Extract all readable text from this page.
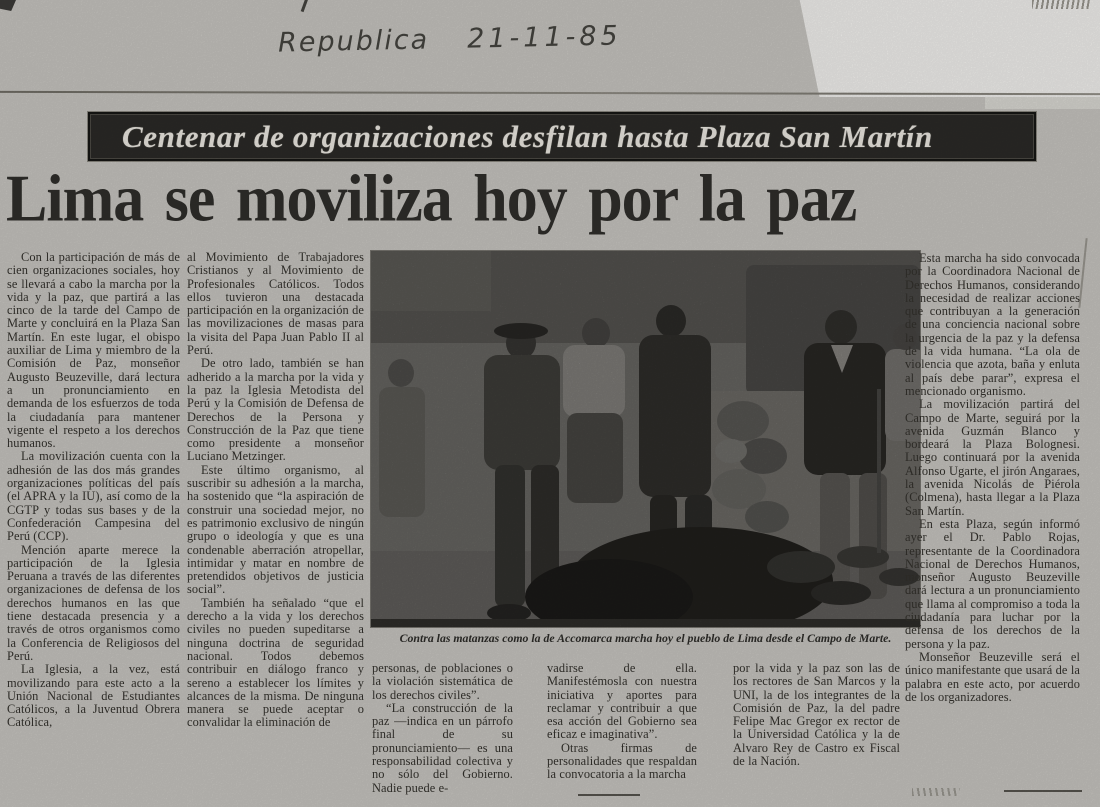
Republica 21-11-85
Centenar de organizaciones desfilan hasta Plaza San Martín
Lima se moviliza hoy por la paz

Con la participación de más de cien organizaciones sociales, hoy se llevará a cabo la marcha por la vida y la paz, que partirá a las cinco de la tarde del Campo de Marte y concluirá en la Plaza San Martín. En este lugar, el obispo auxiliar de Lima y miembro de la Comisión de Paz, monseñor Augusto Beuzeville, dará lectura a un pronunciamiento en demanda de los esfuerzos de toda la ciudadanía para mantener vigente el respeto a los derechos humanos.

La movilización cuenta con la adhesión de las dos más grandes organizaciones políticas del país (el APRA y la IU), así como de la CGTP y todas sus bases y de la Confederación Campesina del Perú (CCP).

Mención aparte merece la participación de la Iglesia Peruana a través de las diferentes organizaciones de defensa de los derechos humanos en las que tiene destacada presencia y a través de otros organismos como la Conferencia de Religiosos del Perú.

La Iglesia, a la vez, está movilizando para este acto a la Unión Nacional de Estudiantes Católicos, a la Juventud Obrera Católica,

al Movimiento de Trabajadores Cristianos y al Movimiento de Profesionales Católicos. Todos ellos tuvieron una destacada participación en la organización de las movilizaciones de masas para la visita del Papa Juan Pablo II al Perú.

De otro lado, también se han adherido a la marcha por la vida y la paz la Iglesia Metodista del Perú y la Comisión de Defensa de Derechos de la Persona y Construcción de la Paz que tiene como presidente a monseñor Luciano Metzinger.

Este último organismo, al suscribir su adhesión a la marcha, ha sostenido que “la aspiración de construir una sociedad mejor, no es patrimonio exclusivo de ningún grupo o ideología y que es una condenable aberración atropellar, intimidar y matar en nombre de pretendidos objetivos de justicia social”.

También ha señalado “que el derecho a la vida y los derechos civiles no pueden supeditarse a ninguna doctrina de seguridad nacional. Todos debemos contribuir en diálogo franco y sereno a establecer los límites y alcances de la misma. De ninguna manera se puede aceptar o convalidar la eliminación de

Contra las matanzas como la de Accomarca marcha hoy el pueblo de Lima desde el Campo de Marte.

personas, de poblaciones o la violación sistemática de los derechos civiles”.

“La construcción de la paz —indica en un párrofo final de su pronunciamiento— es una responsabilidad colectiva y no sólo del Gobierno. Nadie puede e-

vadirse de ella. Manifestémosla con nuestra iniciativa y aportes para reclamar y contribuir a que esa acción del Gobierno sea eficaz e imaginativa”.

Otras firmas de personalidades que respaldan la convocatoria a la marcha

por la vida y la paz son las de los rectores de San Marcos y la UNI, la de los integrantes de la Comisión de Paz, la del padre Felipe Mac Gregor ex rector de la Universidad Católica y la de Alvaro Rey de Castro ex Fiscal de la Nación.

Esta marcha ha sido convocada por la Coordinadora Nacional de Derechos Humanos, considerando la necesidad de realizar acciones que contribuyan a la generación de una conciencia nacional sobre la urgencia de la paz y la defensa de la vida humana. “La ola de violencia que azota, baña y enluta al país debe parar”, expresa el mencionado organismo.

La movilización partirá del Campo de Marte, seguirá por la avenida Guzmán Blanco y bordeará la Plaza Bolognesi. Luego continuará por la avenida Alfonso Ugarte, el jirón Angaraes, la avenida Nicolás de Piérola (Colmena), hasta llegar a la Plaza San Martín.

En esta Plaza, según informó ayer el Dr. Pablo Rojas, representante de la Coordinadora Nacional de Derechos Humanos, monseñor Augusto Beuzeville dará lectura a un pronunciamiento que llama al compromiso a toda la ciudadanía para luchar por la defensa de los derechos de la persona y la paz.

Monseñor Beuzeville será el único manifestante que usará de la palabra en este acto, por acuerdo de los organizadores.
